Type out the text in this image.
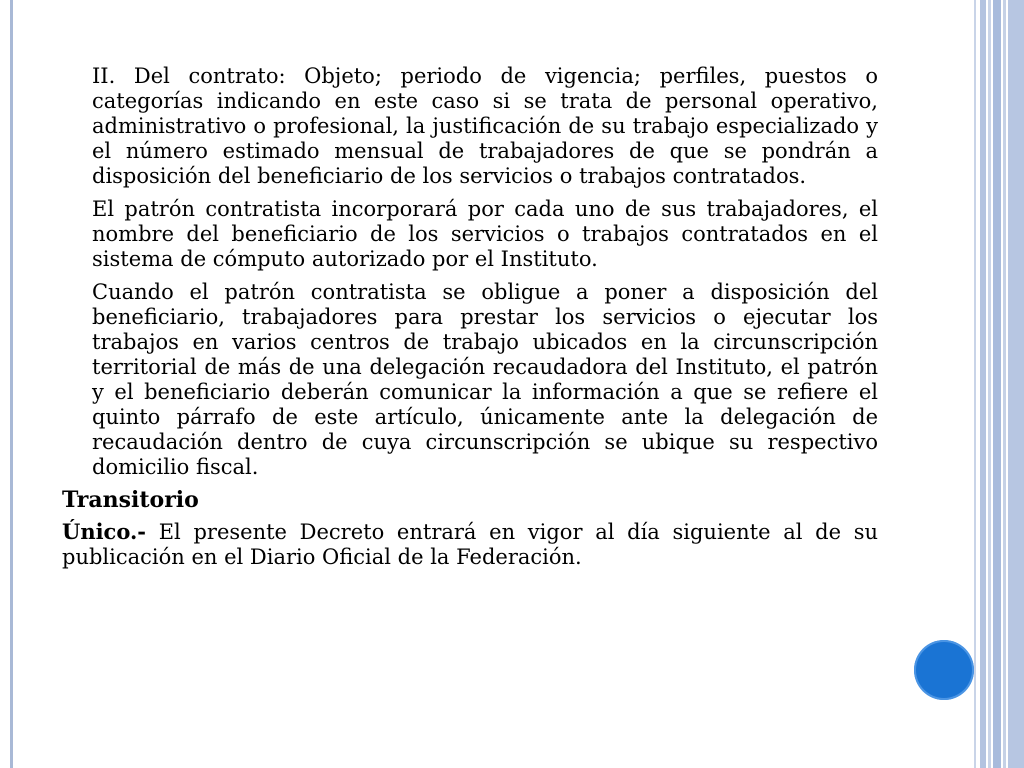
II. Del contrato: Objeto; periodo de vigencia; perfiles, puestos o categorías indicando en este caso si se trata de personal operativo, administrativo o profesional, la justificación de su trabajo especializado y el número estimado mensual de trabajadores de que se pondrán a disposición del beneficiario de los servicios o trabajos contratados.

El patrón contratista incorporará por cada uno de sus trabajadores, el nombre del beneficiario de los servicios o trabajos contratados en el sistema de cómputo autorizado por el Instituto.

Cuando el patrón contratista se obligue a poner a disposición del beneficiario, trabajadores para prestar los servicios o ejecutar los trabajos en varios centros de trabajo ubicados en la circunscripción territorial de más de una delegación recaudadora del Instituto, el patrón y el beneficiario deberán comunicar la información a que se refiere el quinto párrafo de este artículo, únicamente ante la delegación de recaudación dentro de cuya circunscripción se ubique su respectivo domicilio fiscal.

Transitorio

Único.- El presente Decreto entrará en vigor al día siguiente al de su publicación en el Diario Oficial de la Federación.
